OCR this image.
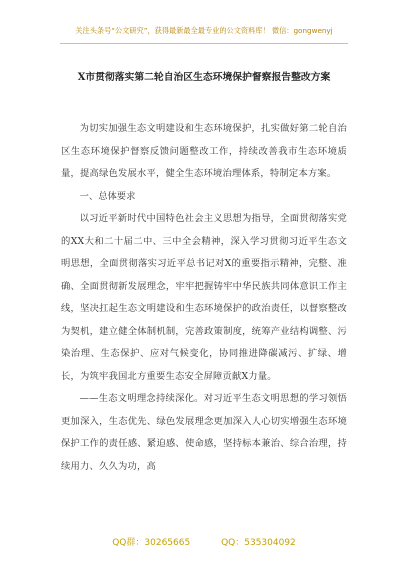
关注头条号“公文研究”，获得最新最全最专业的公文资料库！ 微信：gongwenyj
X市贯彻落实第二轮自治区生态环境保护督察报告整改方案

为切实加强生态文明建设和生态环境保护，扎实做好第二轮自治区生态环境保护督察反馈问题整改工作，持续改善我市生态环境质量，提高绿色发展水平，健全生态环境治理体系，特制定本方案。

一、总体要求

以习近平新时代中国特色社会主义思想为指导，全面贯彻落实党的XX大和二十届二中、三中全会精神，深入学习贯彻习近平生态文明思想，全面贯彻落实习近平总书记对X的重要指示精神，完整、准确、全面贯彻新发展理念，牢牢把握铸牢中华民族共同体意识工作主线，坚决扛起生态文明建设和生态环境保护的政治责任，以督察整改为契机，建立健全体制机制，完善政策制度，统筹产业结构调整、污染治理、生态保护、应对气候变化，协同推进降碳减污、扩绿、增长，为筑牢我国北方重要生态安全屏障贡献X力量。

——生态文明理念持续深化。对习近平生态文明思想的学习领悟更加深入，生态优先、绿色发展理念更加深入人心切实增强生态环境保护工作的责任感、紧迫感、使命感，坚持标本兼治、综合治理，持续用力、久久为功，高

QQ群：30265665	QQ：535304092
